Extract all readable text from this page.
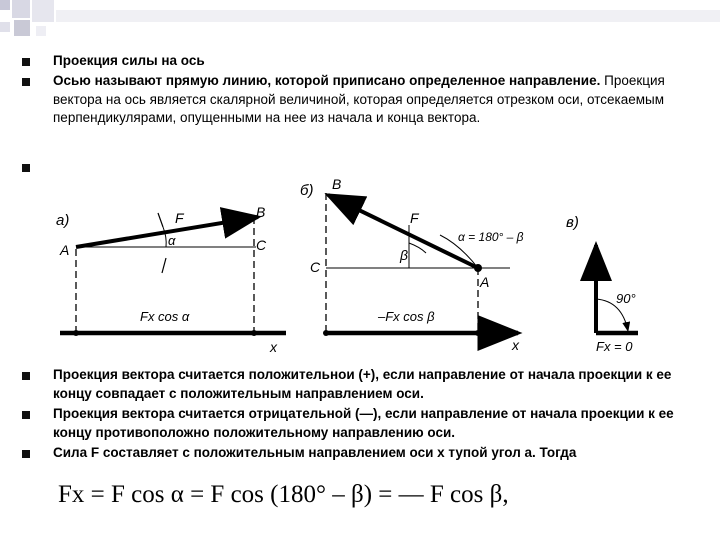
Проекция силы на ось
Осью называют прямую линию, которой приписано определенное направление. Проекция вектора на ось является скалярной величиной, которая определяется отрезком оси, отсекаемым перпендикулярами, опущенными на нее из начала и конца вектора.
Проекция вектора считается положительнои (+), если направление от начала проекции к ее концу совпадает с положительным направлением оси.
Проекция вектора считается отрицательной (—), если направление от начала проекции к ее концу противоположно положительному направлению оси.
Сила F составляет с положительным направлением оси x тупой угол a. Тогда
а)	F	B
A	C
α
Fx cos α
x
б) B
F
β
C
A
α = 180° – β
–Fx cos β
x
в)
90°
Fx = 0
Fx = F cos α = F cos (180° – β) = — F cos β,
